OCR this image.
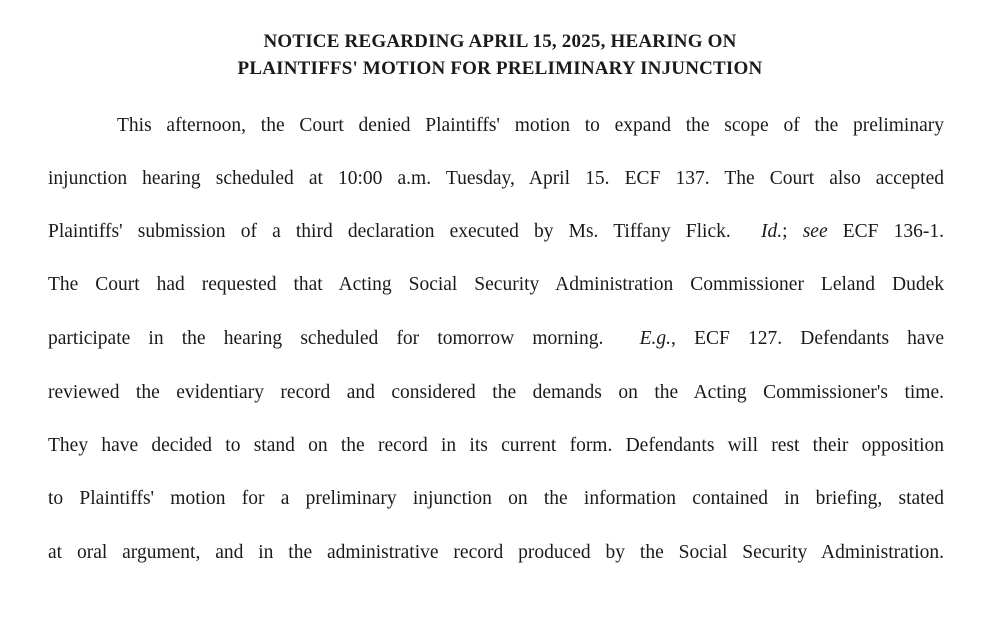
NOTICE REGARDING APRIL 15, 2025, HEARING ON
PLAINTIFFS' MOTION FOR PRELIMINARY INJUNCTION
This afternoon, the Court denied Plaintiffs' motion to expand the scope of the preliminary
injunction hearing scheduled at 10:00 a.m. Tuesday, April 15. ECF 137. The Court also accepted
Plaintiffs' submission of a third declaration executed by Ms. Tiffany Flick. Id.; see ECF 136-1.
The Court had requested that Acting Social Security Administration Commissioner Leland Dudek
participate in the hearing scheduled for tomorrow morning. E.g., ECF 127. Defendants have
reviewed the evidentiary record and considered the demands on the Acting Commissioner's time.
They have decided to stand on the record in its current form. Defendants will rest their opposition
to Plaintiffs' motion for a preliminary injunction on the information contained in briefing, stated
at oral argument, and in the administrative record produced by the Social Security Administration.
